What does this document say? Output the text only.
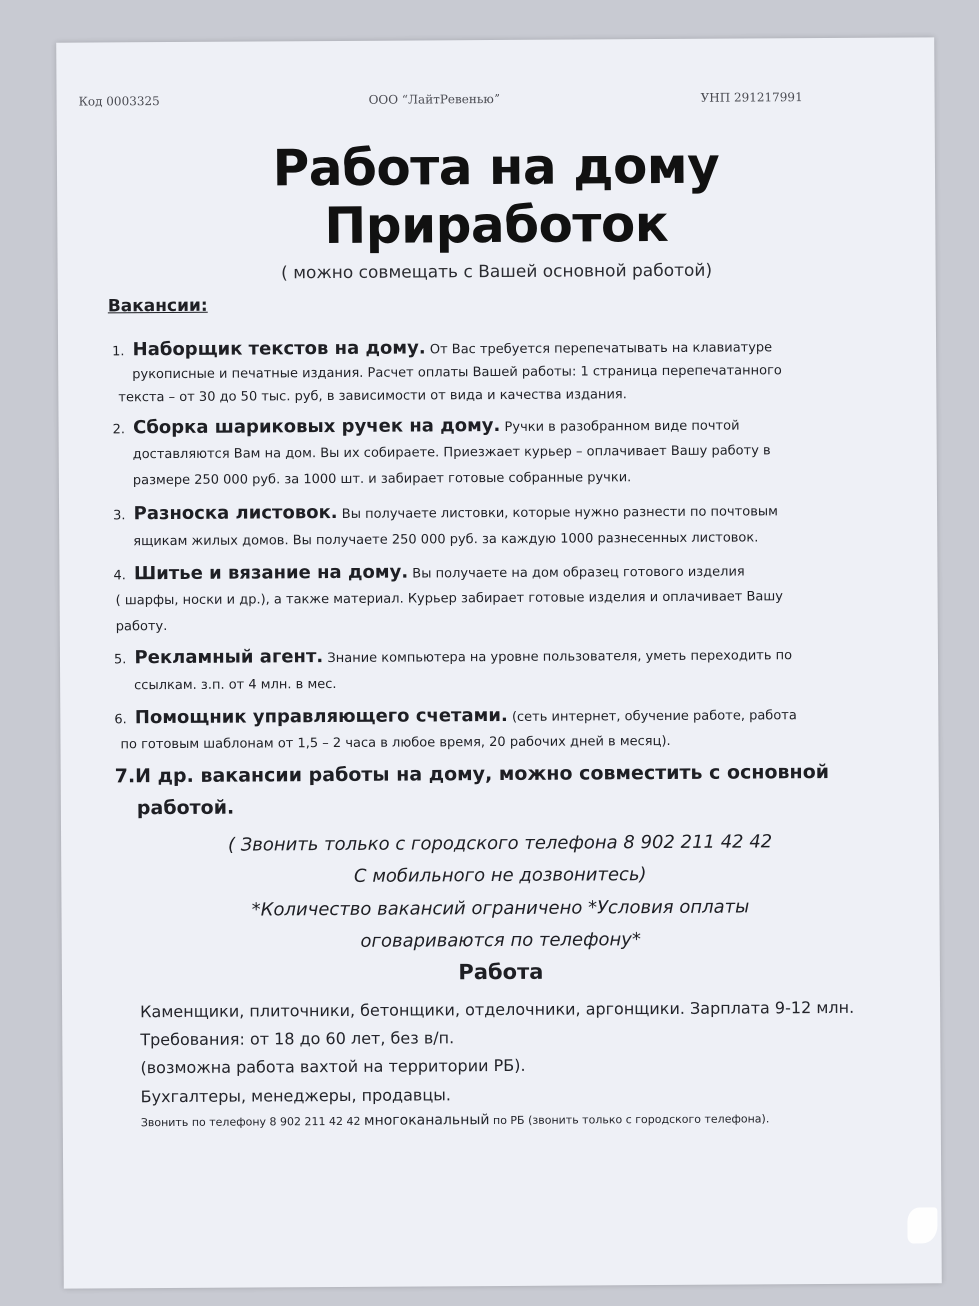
Код 0003325	ООО “ЛайтРевеньюˮ	УНП 291217991
Работа на дому
Приработок
( можно совмещать с Вашей основной работой)
Вакансии:
1. Наборщик текстов на дому. От Вас требуется перепечатывать на клавиатуре
рукописные и печатные издания. Расчет оплаты Вашей работы: 1 страница перепечатанного
текста – от 30 до 50 тыс. руб, в зависимости от вида и качества издания.
2. Сборка шариковых ручек на дому. Ручки в разобранном виде почтой
доставляются Вам на дом. Вы их собираете. Приезжает курьер – оплачивает Вашу работу в
размере 250 000 руб. за 1000 шт. и забирает готовые собранные ручки.
3. Разноска листовок. Вы получаете листовки, которые нужно разнести по почтовым
ящикам жилых домов. Вы получаете 250 000 руб. за каждую 1000 разнесенных листовок.
4. Шитье и вязание на дому. Вы получаете на дом образец готового изделия
( шарфы, носки и др.), а также материал. Курьер забирает готовые изделия и оплачивает Вашу
работу.
5. Рекламный агент. Знание компьютера на уровне пользователя, уметь переходить по
ссылкам. з.п. от 4 млн. в мес.
6. Помощник управляющего счетами. (сеть интернет, обучение работе, работа
по готовым шаблонам от 1,5 – 2 часа в любое время, 20 рабочих дней в месяц).
7.И др. вакансии работы на дому, можно совместить с основной
работой.
( Звонить только с городского телефона 8 902 211 42 42
С мобильного не дозвонитесь)
*Количество вакансий ограничено *Условия оплаты
оговариваются по телефону*
Работа
Каменщики, плиточники, бетонщики, отделочники, аргонщики. Зарплата 9-12 млн.
Требования: от 18 до 60 лет, без в/п.
(возможна работа вахтой на территории РБ).
Бухгалтеры, менеджеры, продавцы.
Звонить по телефону 8 902 211 42 42 многоканальный по РБ (звонить только с городского телефона).
